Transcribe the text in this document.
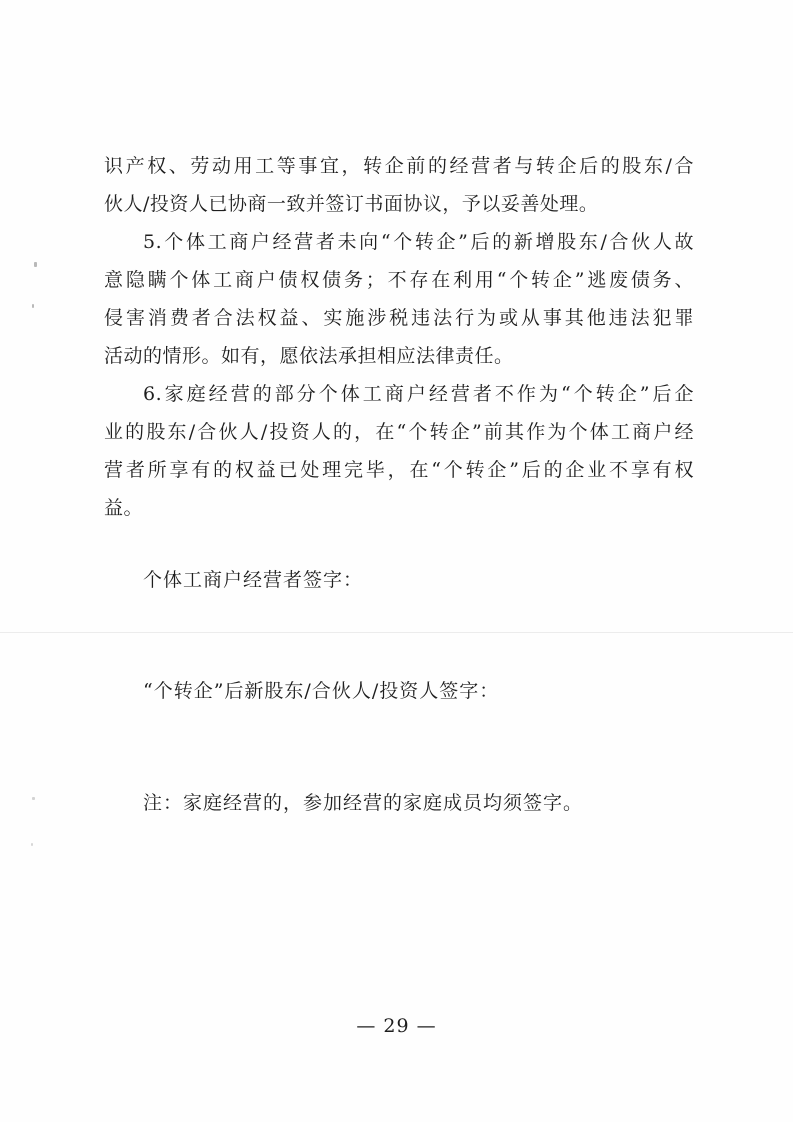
识产权、劳动用工等事宜，转企前的经营者与转企后的股东/合
伙人/投资人已协商一致并签订书面协议，予以妥善处理。
5.个体工商户经营者未向“个转企”后的新增股东/合伙人故
意隐瞒个体工商户债权债务；不存在利用“个转企”逃废债务、
侵害消费者合法权益、实施涉税违法行为或从事其他违法犯罪
活动的情形。如有，愿依法承担相应法律责任。
6.家庭经营的部分个体工商户经营者不作为“个转企”后企
业的股东/合伙人/投资人的，在“个转企”前其作为个体工商户经
营者所享有的权益已处理完毕，在“个转企”后的企业不享有权
益。
个体工商户经营者签字：
“个转企”后新股东/合伙人/投资人签字：
注：家庭经营的，参加经营的家庭成员均须签字。
— 29 —
